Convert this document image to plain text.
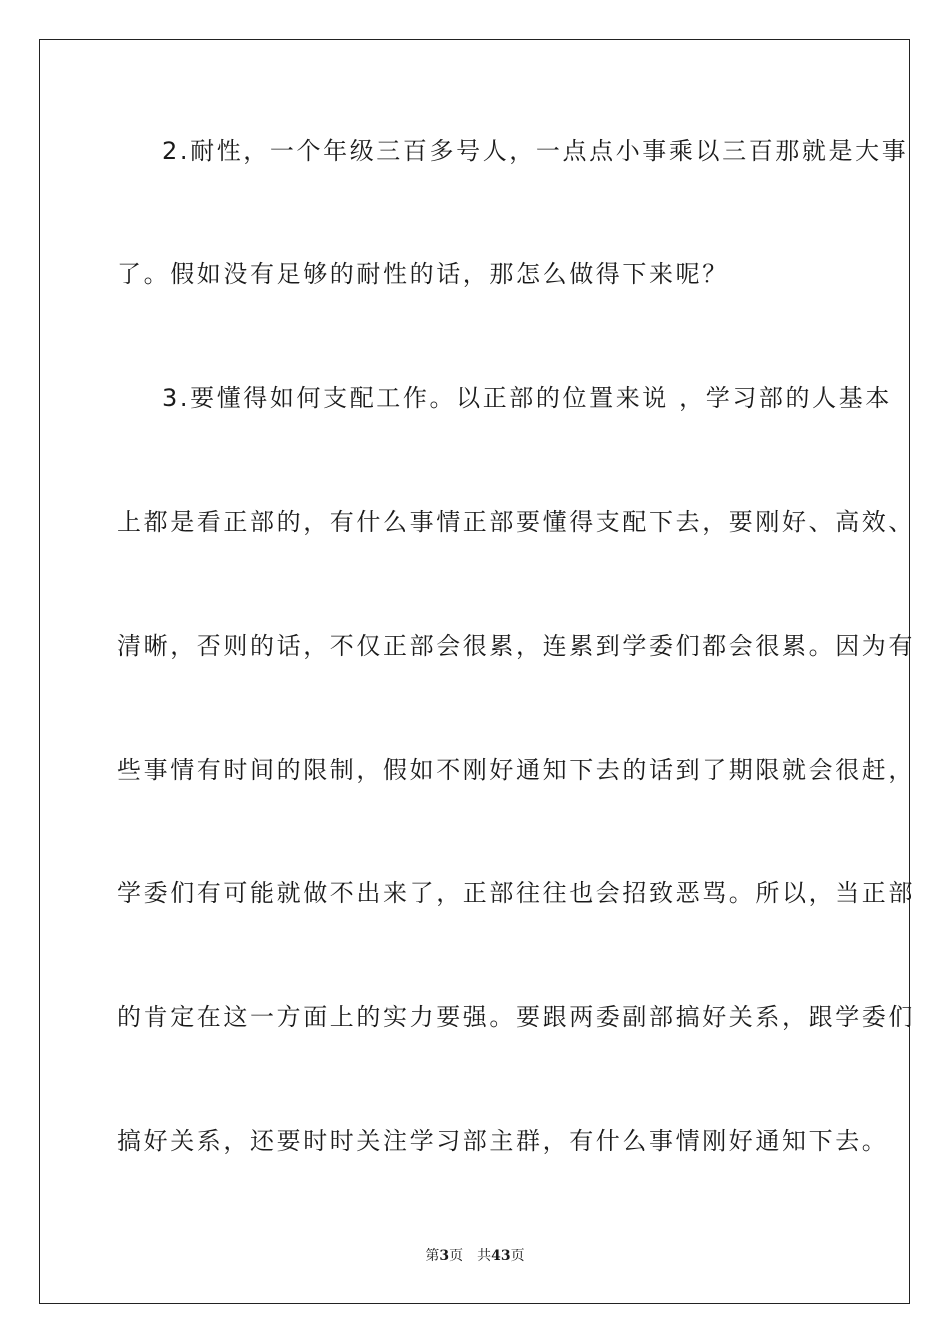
2.耐性，一个年级三百多号人，一点点小事乘以三百那就是大事
了。假如没有足够的耐性的话，那怎么做得下来呢？
3.要懂得如何支配工作。以正部的位置来说 ，学习部的人基本
上都是看正部的，有什么事情正部要懂得支配下去，要刚好、高效、
清晰，否则的话，不仅正部会很累，连累到学委们都会很累。因为有
些事情有时间的限制，假如不刚好通知下去的话到了期限就会很赶，
学委们有可能就做不出来了，正部往往也会招致恶骂。所以，当正部
的肯定在这一方面上的实力要强。要跟两委副部搞好关系，跟学委们
搞好关系，还要时时关注学习部主群，有什么事情刚好通知下去。
第3页 共43页
